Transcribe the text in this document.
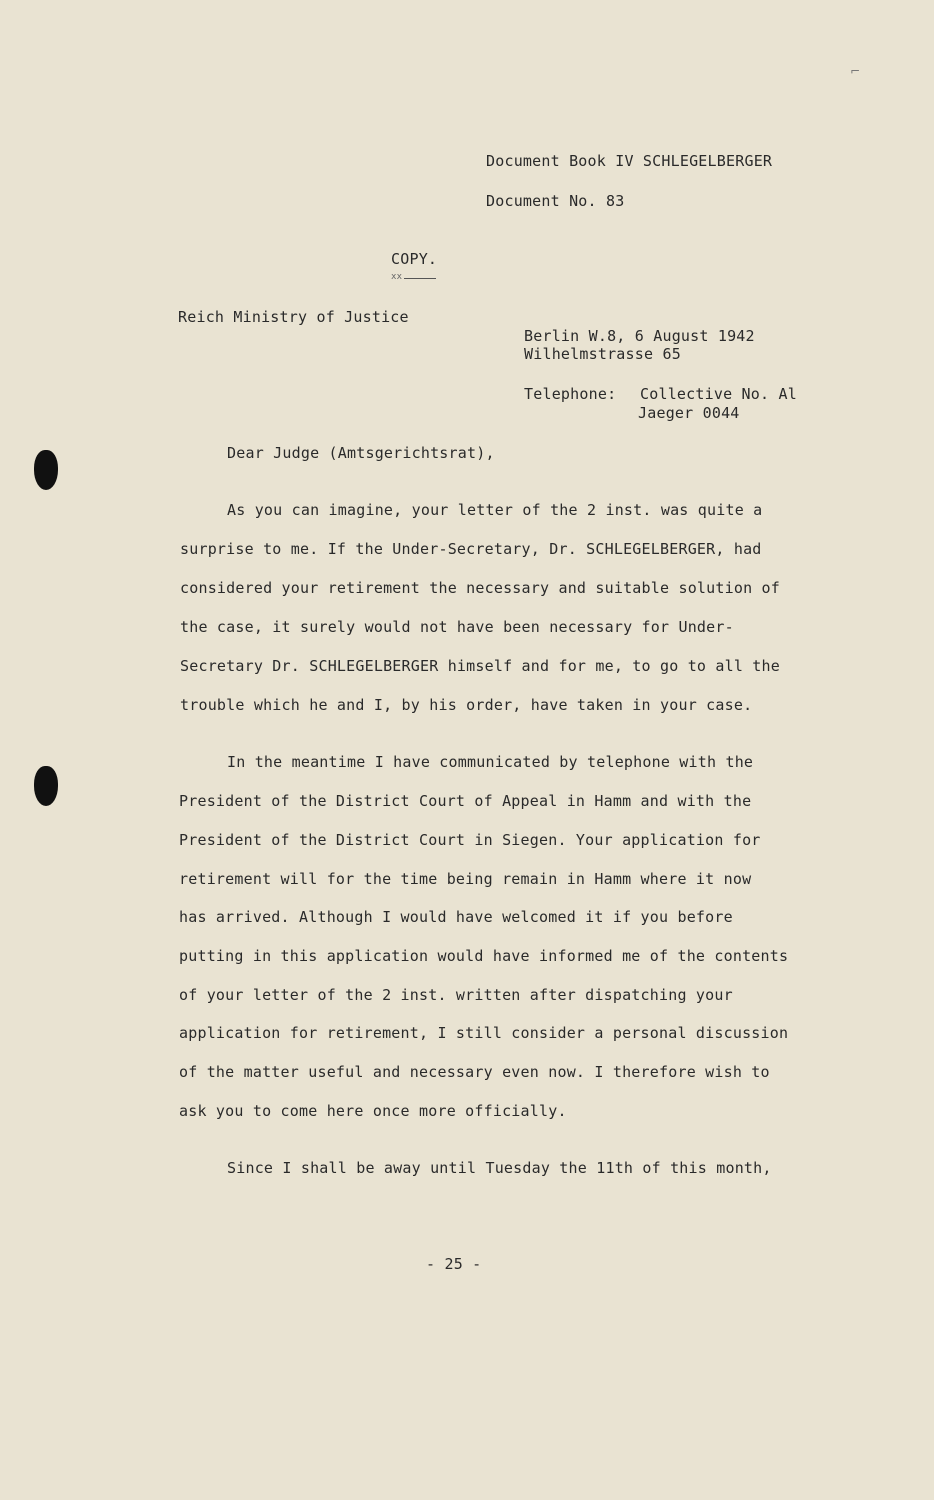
⌐
Document Book IV SCHLEGELBERGER
Document No. 83
COPY.
xx
Reich Ministry of Justice
Berlin W.8, 6 August 1942
Wilhelmstrasse 65
Telephone: Collective No. Al
Jaeger 0044
Dear Judge (Amtsgerichtsrat),
As you can imagine, your letter of the 2 inst. was quite a
surprise to me. If the Under-Secretary, Dr. SCHLEGELBERGER, had
considered your retirement the necessary and suitable solution of
the case, it surely would not have been necessary for Under-
Secretary Dr. SCHLEGELBERGER himself and for me, to go to all the
trouble which he and I, by his order, have taken in your case.
In the meantime I have communicated by telephone with the
President of the District Court of Appeal in Hamm and with the
President of the District Court in Siegen. Your application for
retirement will for the time being remain in Hamm where it now
has arrived. Although I would have welcomed it if you before
putting in this application would have informed me of the contents
of your letter of the 2 inst. written after dispatching your
application for retirement, I still consider a personal discussion
of the matter useful and necessary even now. I therefore wish to
ask you to come here once more officially.
Since I shall be away until Tuesday the 11th of this month,
- 25 -
